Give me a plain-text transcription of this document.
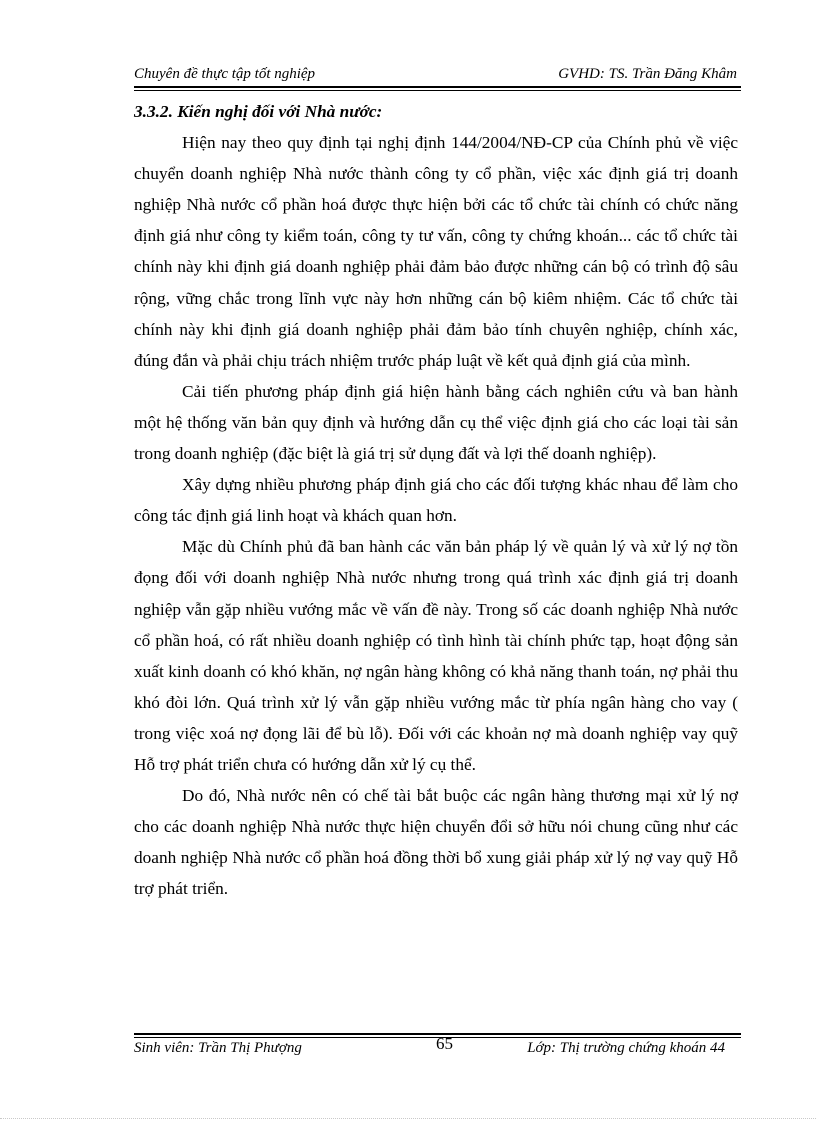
Chuyên đề thực tập tốt nghiệp	GVHD: TS. Trần Đăng Khâm

3.3.2. Kiến nghị đối với Nhà nước:

Hiện nay theo quy định tại nghị định 144/2004/NĐ-CP của Chính phủ về việc chuyển doanh nghiệp Nhà nước thành công ty cổ phần, việc xác định giá trị doanh nghiệp Nhà nước cổ phần hoá được thực hiện bởi các tổ chức tài chính có chức năng định giá như công ty kiểm toán, công ty tư vấn, công ty chứng khoán... các tổ chức tài chính này khi định giá doanh nghiệp phải đảm bảo được những cán bộ có trình độ sâu rộng, vững chắc trong lĩnh vực này hơn những cán bộ kiêm nhiệm. Các tổ chức tài chính này khi định giá doanh nghiệp phải đảm bảo tính chuyên nghiệp, chính xác, đúng đắn và phải chịu trách nhiệm trước pháp luật về kết quả định giá của mình.

Cải tiến phương pháp định giá hiện hành bằng cách nghiên cứu và ban hành một hệ thống văn bản quy định và hướng dẫn cụ thể việc định giá cho các loại tài sản trong doanh nghiệp (đặc biệt là giá trị sử dụng đất và lợi thế doanh nghiệp).

Xây dựng nhiều phương pháp định giá cho các đối tượng khác nhau để làm cho công tác định giá linh hoạt và khách quan hơn.

Mặc dù Chính phủ đã ban hành các văn bản pháp lý về quản lý và xử lý nợ tồn đọng đối với doanh nghiệp Nhà nước nhưng trong quá trình xác định giá trị doanh nghiệp vẫn gặp nhiều vướng mắc về vấn đề này. Trong số các doanh nghiệp Nhà nước cổ phần hoá, có rất nhiều doanh nghiệp có tình hình tài chính phức tạp, hoạt động sản xuất kinh doanh có khó khăn, nợ ngân hàng không có khả năng thanh toán, nợ phải thu khó đòi lớn. Quá trình xử lý vẫn gặp nhiều vướng mắc từ phía ngân hàng cho vay ( trong việc xoá nợ đọng lãi để bù lỗ). Đối với các khoản nợ mà doanh nghiệp vay quỹ Hỗ trợ phát triển chưa có hướng dẫn xử lý cụ thể.

Do đó, Nhà nước nên có chế tài bắt buộc các ngân hàng thương mại xử lý nợ cho các doanh nghiệp Nhà nước thực hiện chuyển đổi sở hữu nói chung cũng như các doanh nghiệp Nhà nước cổ phần hoá đồng thời bổ xung giải pháp xử lý nợ vay quỹ Hỗ trợ phát triển.

Sinh viên: Trần Thị Phượng	65	Lớp: Thị trường chứng khoán 44
